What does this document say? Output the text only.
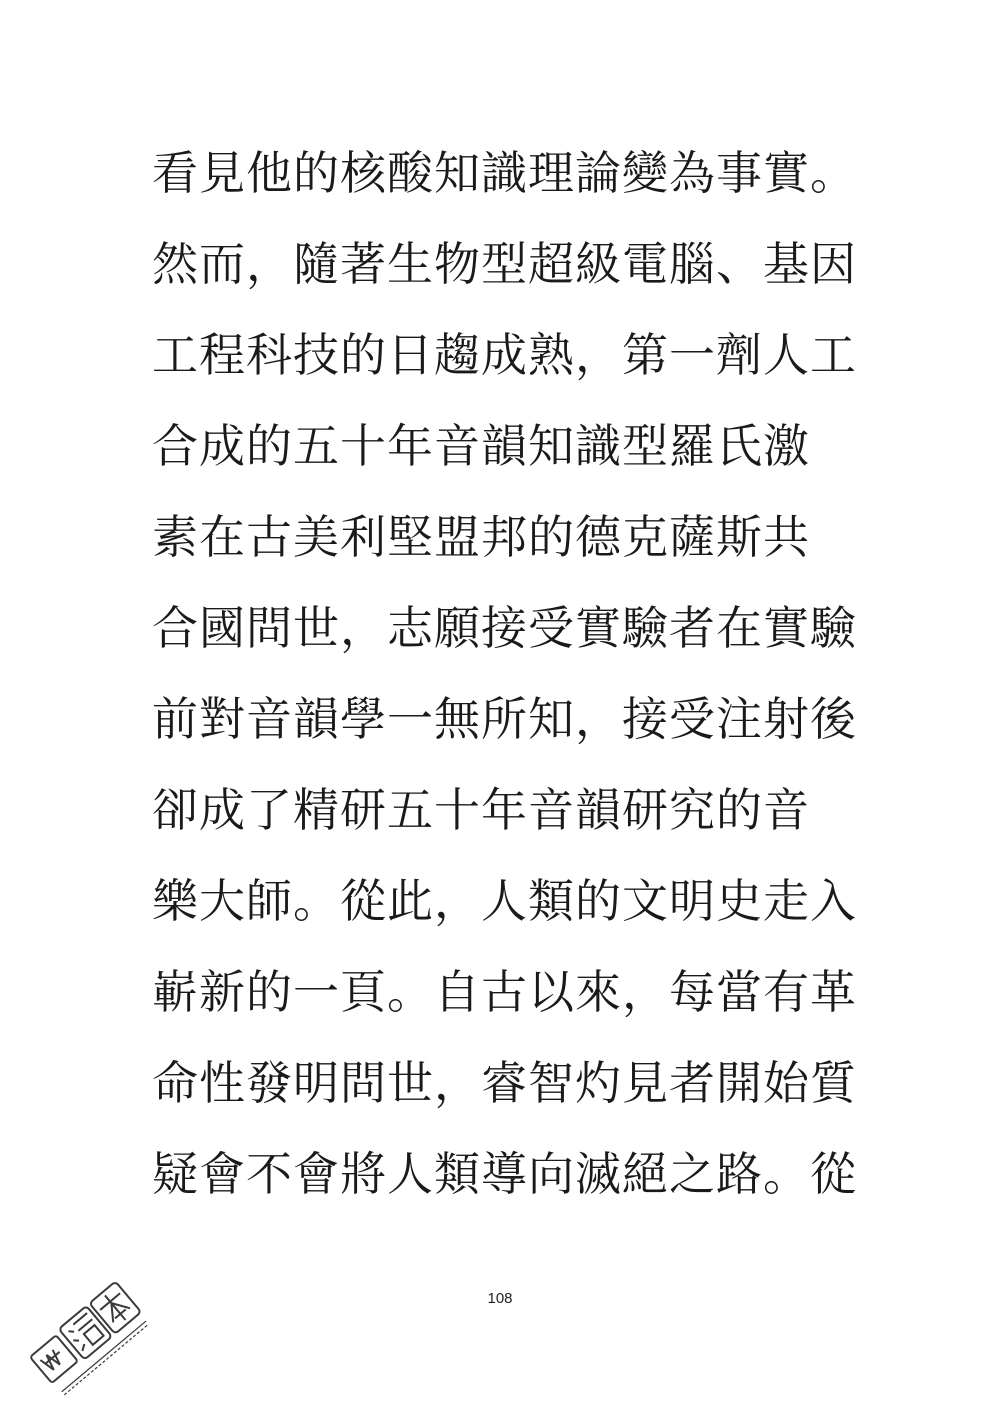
看見他的核酸知識理論變為事實。
然而，隨著生物型超級電腦、基因
工程科技的日趨成熟，第一劑人工
合成的五十年音韻知識型羅氏激
素在古美利堅盟邦的德克薩斯共
合國問世，志願接受實驗者在實驗
前對音韻學一無所知，接受注射後
卻成了精研五十年音韻研究的音
樂大師。從此，人類的文明史走入
嶄新的一頁。自古以來，每當有革
命性發明問世，睿智灼見者開始質
疑會不會將人類導向滅絕之路。從
108
